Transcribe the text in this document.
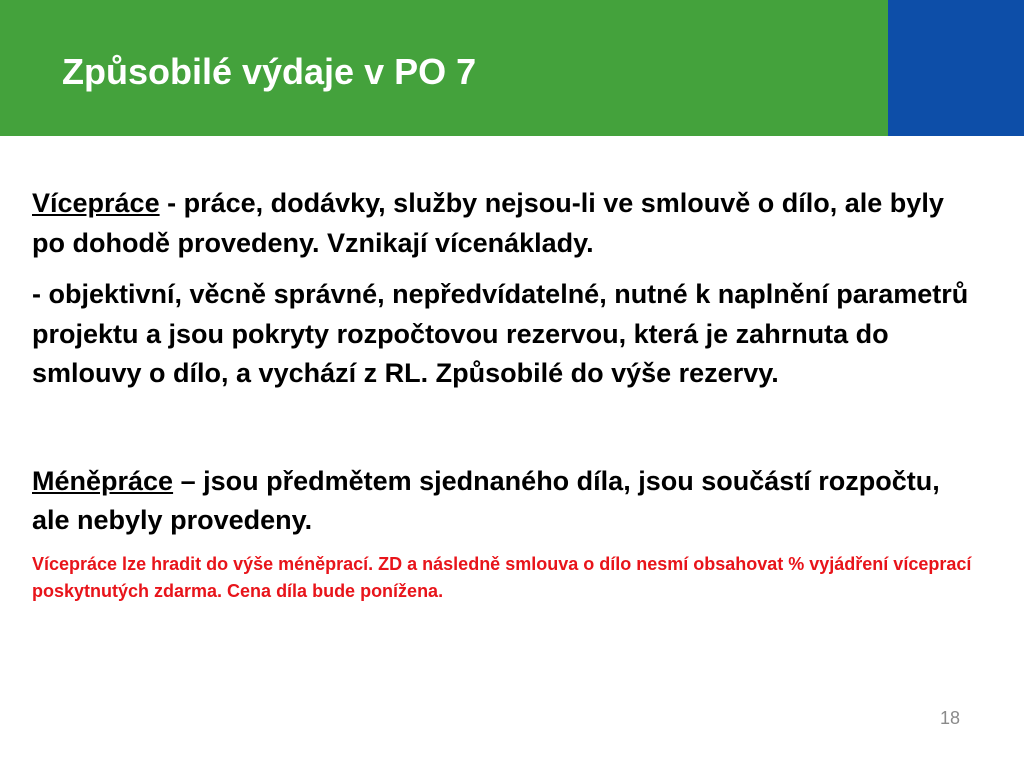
Způsobilé výdaje v PO 7

Víceprácе - práce, dodávky, služby nejsou-li ve smlouvě o dílo, ale byly po dohodě provedeny. Vznikají vícenáklady.

- objektivní, věcně správné, nepředvídatelné, nutné k naplnění parametrů projektu a jsou pokryty rozpočtovou rezervou, která je zahrnuta do smlouvy o dílo, a vychází z RL. Způsobilé do výše rezervy.

Méněpráce – jsou předmětem sjednaného díla, jsou součástí rozpočtu, ale nebyly provedeny.

Vícepráce lze hradit do výše méněprací. ZD a následně smlouva o dílo nesmí obsahovat % vyjádření víceprací poskytnutých zdarma. Cena díla bude ponížena.

18
